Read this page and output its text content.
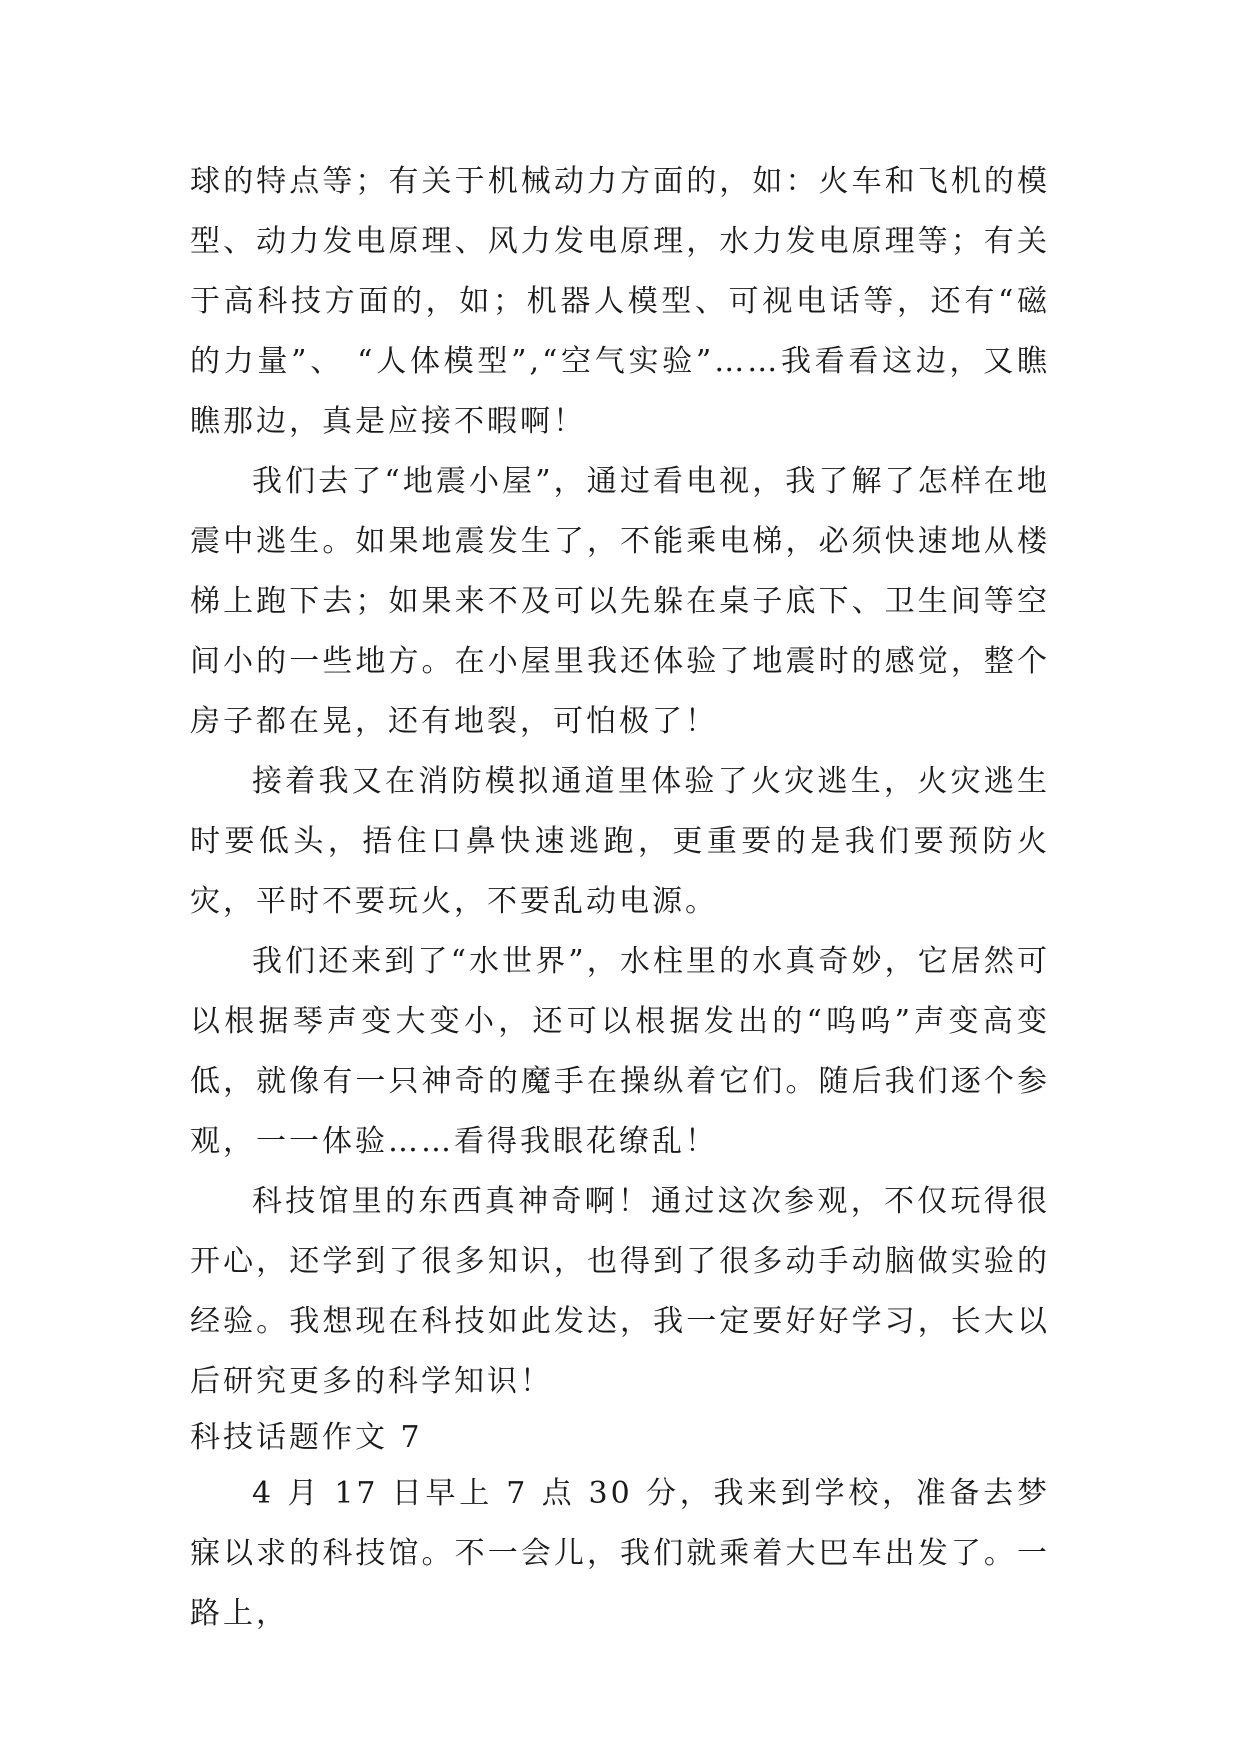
球的特点等；有关于机械动力方面的，如：火车和飞机的模型、动力发电原理、风力发电原理，水力发电原理等；有关于高科技方面的，如；机器人模型、可视电话等，还有“磁的力量”、 “人体模型”,“空气实验”……我看看这边，又瞧瞧那边，真是应接不暇啊！

我们去了“地震小屋”，通过看电视，我了解了怎样在地震中逃生。如果地震发生了，不能乘电梯，必须快速地从楼梯上跑下去；如果来不及可以先躲在桌子底下、卫生间等空间小的一些地方。在小屋里我还体验了地震时的感觉，整个房子都在晃，还有地裂，可怕极了！

接着我又在消防模拟通道里体验了火灾逃生，火灾逃生时要低头，捂住口鼻快速逃跑，更重要的是我们要预防火灾，平时不要玩火，不要乱动电源。

我们还来到了“水世界”，水柱里的水真奇妙，它居然可以根据琴声变大变小，还可以根据发出的“呜呜”声变高变低，就像有一只神奇的魔手在操纵着它们。随后我们逐个参观，一一体验……看得我眼花缭乱！

科技馆里的东西真神奇啊！通过这次参观，不仅玩得很开心，还学到了很多知识，也得到了很多动手动脑做实验的经验。我想现在科技如此发达，我一定要好好学习，长大以后研究更多的科学知识！

科技话题作文 7

4 月 17 日早上 7 点 30 分，我来到学校，准备去梦寐以求的科技馆。不一会儿，我们就乘着大巴车出发了。一路上，
